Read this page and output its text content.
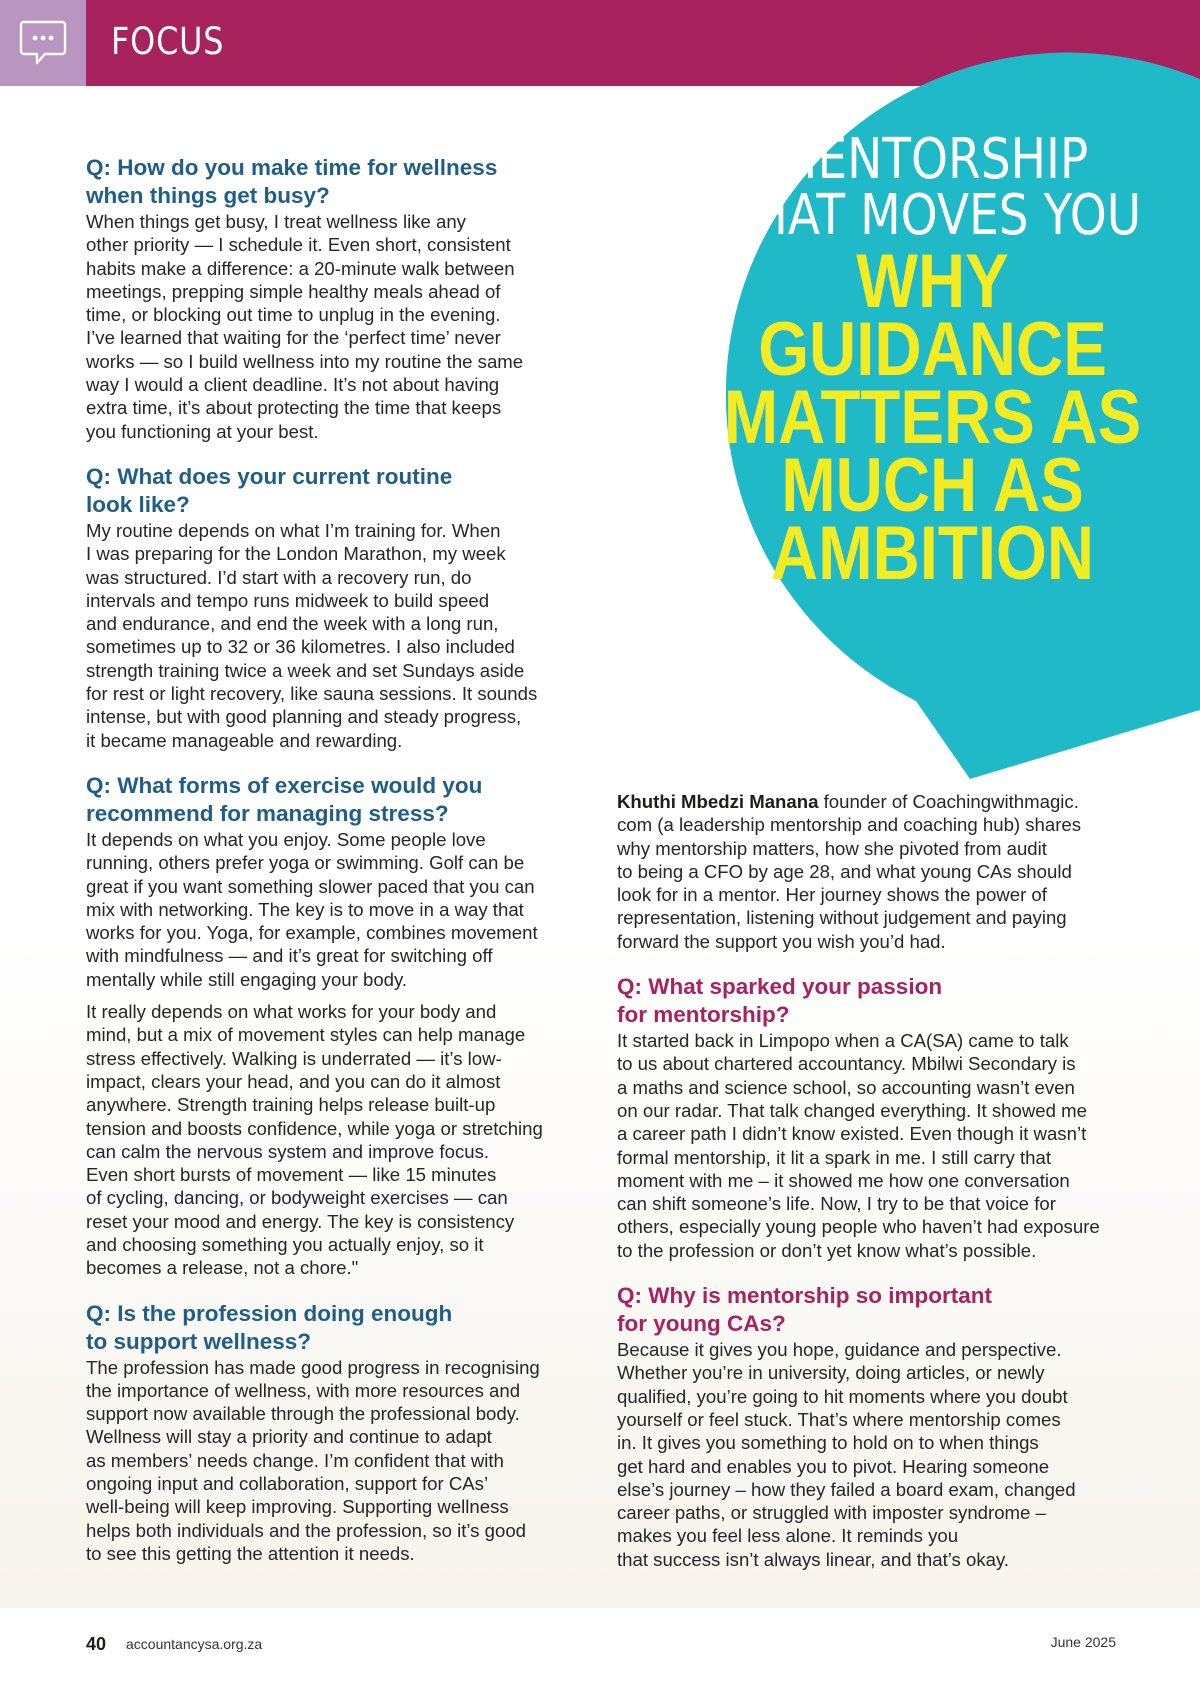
FOCUS
MENTORSHIP
THAT MOVES YOU
WHY
GUIDANCE
MATTERS AS
MUCH AS
AMBITION
Q: How do you make time for wellness
when things get busy?
When things get busy, I treat wellness like any
other priority — I schedule it. Even short, consistent
habits make a difference: a 20-minute walk between
meetings, prepping simple healthy meals ahead of
time, or blocking out time to unplug in the evening.
I’ve learned that waiting for the ‘perfect time’ never
works — so I build wellness into my routine the same
way I would a client deadline. It’s not about having
extra time, it’s about protecting the time that keeps
you functioning at your best.
Q: What does your current routine
look like?
My routine depends on what I’m training for. When
I was preparing for the London Marathon, my week
was structured. I’d start with a recovery run, do
intervals and tempo runs midweek to build speed
and endurance, and end the week with a long run,
sometimes up to 32 or 36 kilometres. I also included
strength training twice a week and set Sundays aside
for rest or light recovery, like sauna sessions. It sounds
intense, but with good planning and steady progress,
it became manageable and rewarding.
Q: What forms of exercise would you
recommend for managing stress?
It depends on what you enjoy. Some people love
running, others prefer yoga or swimming. Golf can be
great if you want something slower paced that you can
mix with networking. The key is to move in a way that
works for you. Yoga, for example, combines movement
with mindfulness — and it’s great for switching off
mentally while still engaging your body.
It really depends on what works for your body and
mind, but a mix of movement styles can help manage
stress effectively. Walking is underrated — it’s low-
impact, clears your head, and you can do it almost
anywhere. Strength training helps release built-up
tension and boosts confidence, while yoga or stretching
can calm the nervous system and improve focus.
Even short bursts of movement — like 15 minutes
of cycling, dancing, or bodyweight exercises — can
reset your mood and energy. The key is consistency
and choosing something you actually enjoy, so it
becomes a release, not a chore."
Q: Is the profession doing enough
to support wellness?
The profession has made good progress in recognising
the importance of wellness, with more resources and
support now available through the professional body.
Wellness will stay a priority and continue to adapt
as members’ needs change. I’m confident that with
ongoing input and collaboration, support for CAs’
well-being will keep improving. Supporting wellness
helps both individuals and the profession, so it’s good
to see this getting the attention it needs.
Khuthi Mbedzi Manana founder of Coachingwithmagic.
com (a leadership mentorship and coaching hub) shares
why mentorship matters, how she pivoted from audit
to being a CFO by age 28, and what young CAs should
look for in a mentor. Her journey shows the power of
representation, listening without judgement and paying
forward the support you wish you’d had.
Q: What sparked your passion
for mentorship?
It started back in Limpopo when a CA(SA) came to talk
to us about chartered accountancy. Mbilwi Secondary is
a maths and science school, so accounting wasn’t even
on our radar. That talk changed everything. It showed me
a career path I didn’t know existed. Even though it wasn’t
formal mentorship, it lit a spark in me. I still carry that
moment with me – it showed me how one conversation
can shift someone’s life. Now, I try to be that voice for
others, especially young people who haven’t had exposure
to the profession or don’t yet know what’s possible.
Q: Why is mentorship so important
for young CAs?
Because it gives you hope, guidance and perspective.
Whether you’re in university, doing articles, or newly
qualified, you’re going to hit moments where you doubt
yourself or feel stuck. That’s where mentorship comes
in. It gives you something to hold on to when things
get hard and enables you to pivot. Hearing someone
else’s journey – how they failed a board exam, changed
career paths, or struggled with imposter syndrome –
makes you feel less alone. It reminds you
that success isn’t always linear, and that’s okay.
40 accountancysa.org.za	June 2025
